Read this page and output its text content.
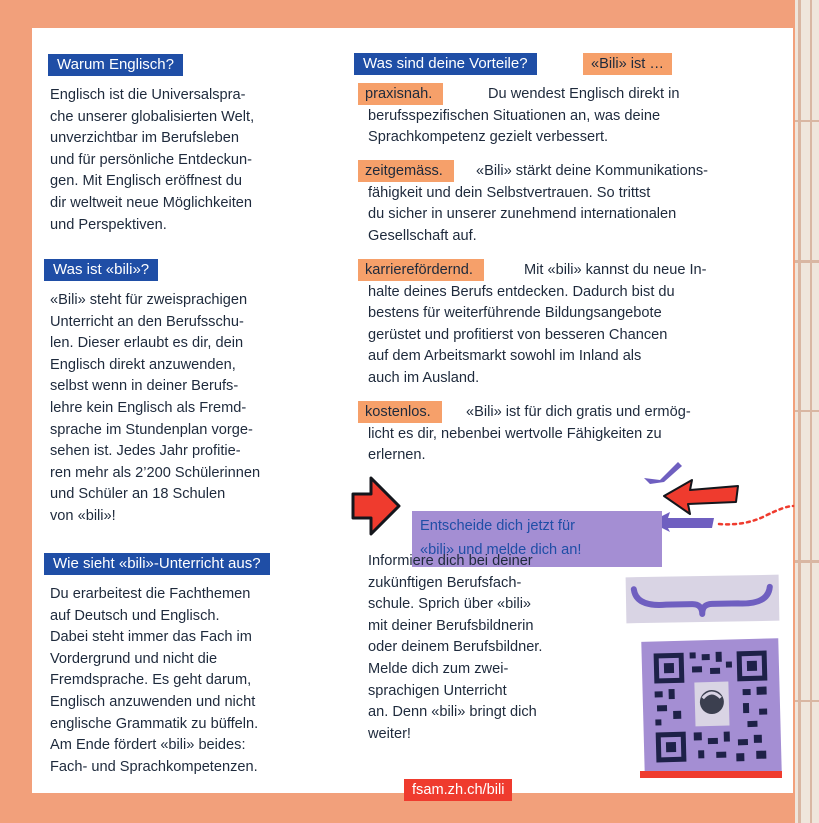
Warum Englisch?

Englisch ist die Universalspra-
che unserer globalisierten Welt,
unverzichtbar im Berufsleben
und für persönliche Entdeckun-
gen. Mit Englisch eröffnest du
dir weltweit neue Möglichkeiten
und Perspektiven.

Was ist «bili»?

«Bili» steht für zweisprachigen
Unterricht an den Berufsschu-
len. Dieser erlaubt es dir, dein
Englisch direkt anzuwenden,
selbst wenn in deiner Berufs-
lehre kein Englisch als Fremd-
sprache im Stundenplan vorge-
sehen ist. Jedes Jahr profitie-
ren mehr als 2’200 Schülerinnen
und Schüler an 18 Schulen
von «bili»!

Wie sieht «bili»-Unterricht aus?

Du erarbeitest die Fachthemen
auf Deutsch und Englisch.
Dabei steht immer das Fach im
Vordergrund und nicht die
Fremdsprache. Es geht darum,
Englisch anzuwenden und nicht
englische Grammatik zu büffeln.
Am Ende fördert «bili» beides:
Fach- und Sprachkompetenzen.

Was sind deine Vorteile?	«Bili» ist …
praxisnah.	Du wendest Englisch direkt in
berufsspezifischen Situationen an, was deine
Sprachkompetenz gezielt verbessert.

zeitgemäss.	«Bili» stärkt deine Kommunikations-
fähigkeit und dein Selbstvertrauen. So trittst
du sicher in unserer zunehmend internationalen
Gesellschaft auf.

karrierefördernd.	Mit «bili» kannst du neue In-
halte deines Berufs entdecken. Dadurch bist du
bestens für weiterführende Bildungsangebote
gerüstet und profitierst von besseren Chancen
auf dem Arbeitsmarkt sowohl im Inland als
auch im Ausland.

kostenlos.	«Bili» ist für dich gratis und ermög-
licht es dir, nebenbei wertvolle Fähigkeiten zu
erlernen.

Entscheide dich jetzt für
«bili» und melde dich an!

Informiere dich bei deiner
zukünftigen Berufsfach-
schule. Sprich über «bili»
mit deiner Berufsbildnerin
oder deinem Berufsbildner.
Melde dich zum zwei-
sprachigen Unterricht
an. Denn «bili» bringt dich
weiter!

fsam.zh.ch/bili
